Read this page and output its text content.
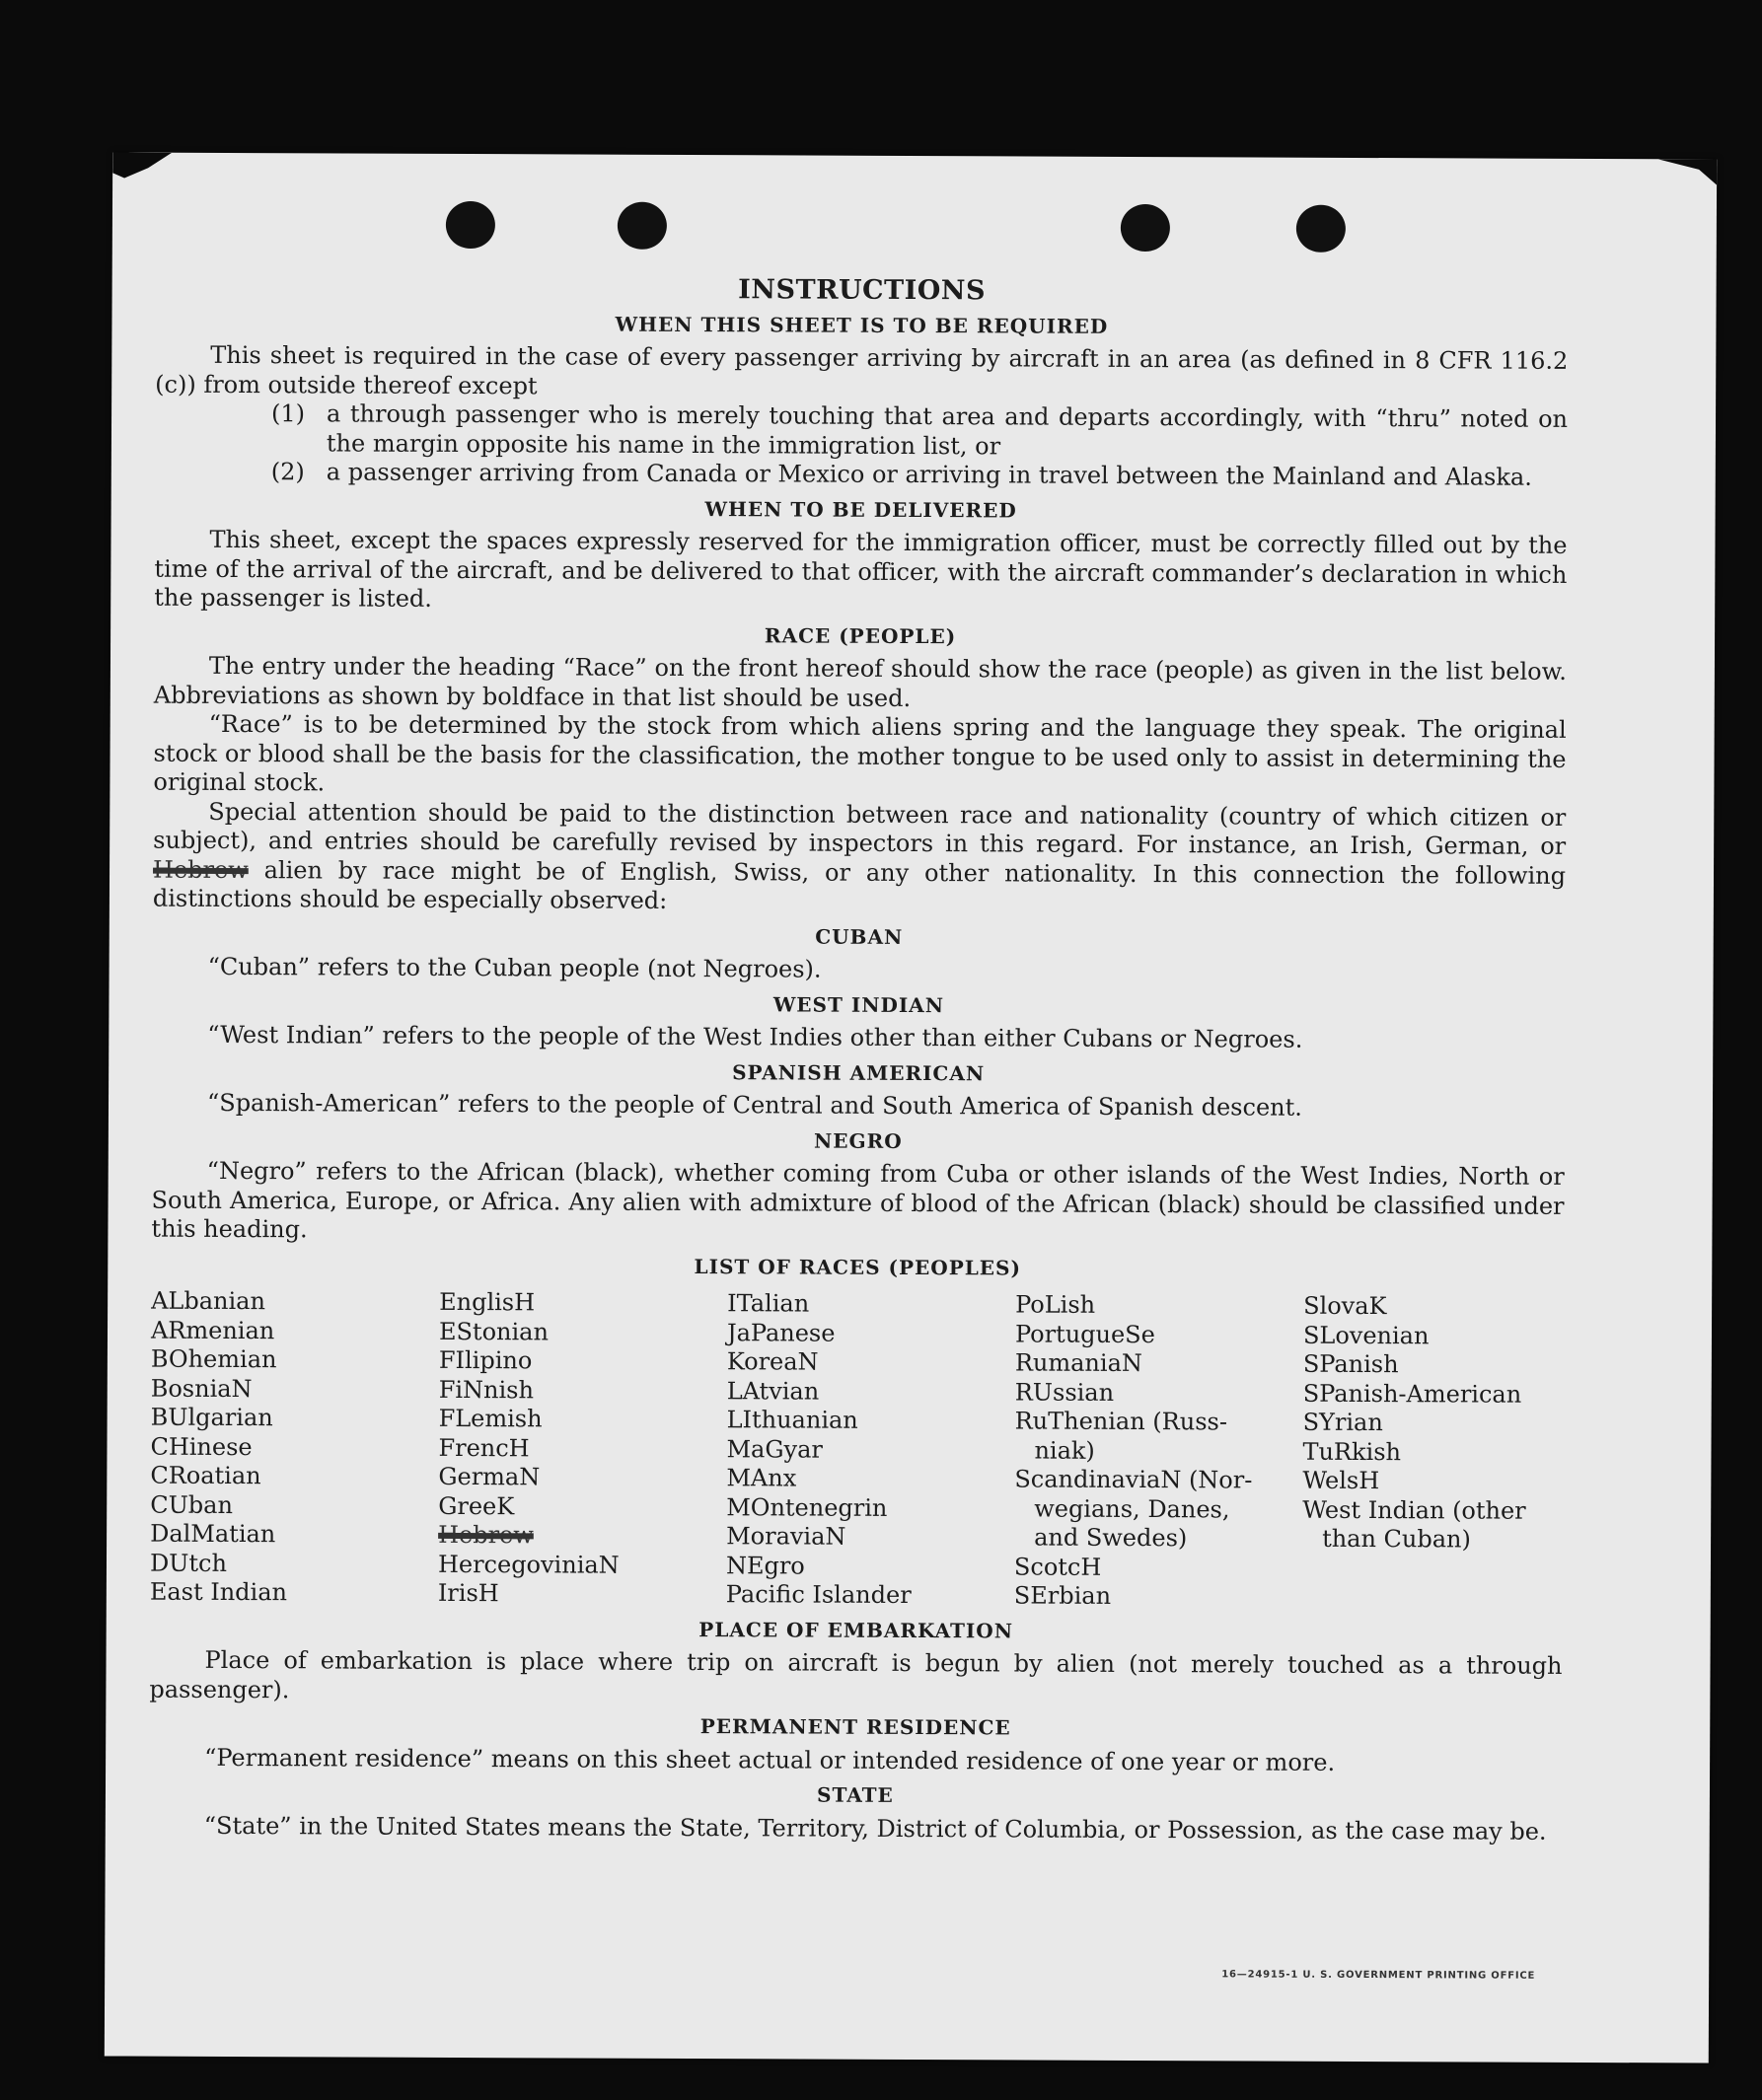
INSTRUCTIONS
WHEN THIS SHEET IS TO BE REQUIRED

This sheet is required in the case of every passenger arriving by aircraft in an area (as defined in 8 CFR 116.2 (c)) from outside thereof except

(1) a through passenger who is merely touching that area and departs accordingly, with “thru” noted on the margin opposite his name in the immigration list, or
(2) a passenger arriving from Canada or Mexico or arriving in travel between the Mainland and Alaska.
WHEN TO BE DELIVERED

This sheet, except the spaces expressly reserved for the immigration officer, must be correctly filled out by the time of the arrival of the aircraft, and be delivered to that officer, with the aircraft commander’s declaration in which the passenger is listed.

RACE (PEOPLE)

The entry under the heading “Race” on the front hereof should show the race (people) as given in the list below. Abbreviations as shown by boldface in that list should be used.

“Race” is to be determined by the stock from which aliens spring and the language they speak. The original stock or blood shall be the basis for the classification, the mother tongue to be used only to assist in determining the original stock.

Special attention should be paid to the distinction between race and nationality (country of which citizen or subject), and entries should be carefully revised by inspectors in this regard. For instance, an Irish, German, or Hebrew alien by race might be of English, Swiss, or any other nationality. In this connection the following distinctions should be especially observed:

CUBAN

“Cuban” refers to the Cuban people (not Negroes).

WEST INDIAN

“West Indian” refers to the people of the West Indies other than either Cubans or Negroes.

SPANISH AMERICAN

“Spanish-American” refers to the people of Central and South America of Spanish descent.

NEGRO

“Negro” refers to the African (black), whether coming from Cuba or other islands of the West Indies, North or South America, Europe, or Africa. Any alien with admixture of blood of the African (black) should be classified under this heading.

LIST OF RACES (PEOPLES)
ALbanian
ARmenian
BOhemian
BosniaN
BUlgarian
CHinese
CRoatian
CUban
DalMatian
DUtch
East Indian
EnglisH
EStonian
FIlipino
FiNnish
FLemish
FrencH
GermaN
GreeK
Hebrew
HercegoviniaN
IrisH
ITalian
JaPanese
KoreaN
LAtvian
LIthuanian
MaGyar
MAnx
MOntenegrin
MoraviaN
NEgro
Pacific Islander
PoLish
PortugueSe
RumaniaN
RUssian
RuThenian (Russ-
niak)
ScandinaviaN (Nor-
wegians, Danes,
and Swedes)
ScotcH
SErbian
SlovaK
SLovenian
SPanish
SPanish-American
SYrian
TuRkish
WelsH
West Indian (other
than Cuban)
PLACE OF EMBARKATION

Place of embarkation is place where trip on aircraft is begun by alien (not merely touched as a through passenger).

PERMANENT RESIDENCE

“Permanent residence” means on this sheet actual or intended residence of one year or more.

STATE

“State” in the United States means the State, Territory, District of Columbia, or Possession, as the case may be.

16—24915-1 U. S. GOVERNMENT PRINTING OFFICE
